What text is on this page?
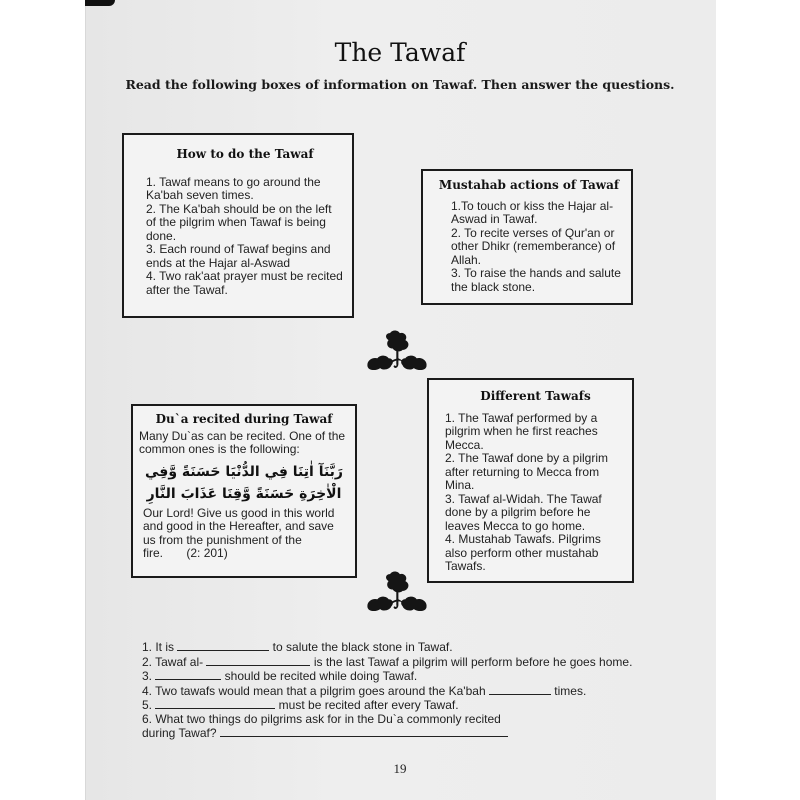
The Tawaf
Read the following boxes of information on Tawaf. Then answer the questions.
How to do the Tawaf

1. Tawaf means to go around the Ka'bah seven times.

2. The Ka'bah should be on the left of the pilgrim when Tawaf is being done.

3. Each round of Tawaf begins and ends at the Hajar al-Aswad

4. Two rak'aat prayer must be recited after the Tawaf.

Mustahab actions of Tawaf

1.To touch or kiss the Hajar al-Aswad in Tawaf.

2. To recite verses of Qur'an or other Dhikr (rememberance) of Allah.

3. To raise the hands and salute the black stone.

Du`a recited during Tawaf

Many Du`as can be recited. One of the common ones is the following:

رَبَّنَآ اٰتِنَا فِي الدُّنْيَا حَسَنَةً وَّفِي
الْاٰخِرَةِ حَسَنَةً وَّقِنَا عَذَابَ النَّارِ

Our Lord! Give us good in this world and good in the Hereafter, and save us from the punishment of the fire. (2: 201)

Different Tawafs

1. The Tawaf performed by a pilgrim when he first reaches Mecca.

2. The Tawaf done by a pilgrim after returning to Mecca from Mina.

3. Tawaf al-Widah. The Tawaf done by a pilgrim before he leaves Mecca to go home.

4. Mustahab Tawafs. Pilgrims also perform other mustahab Tawafs.

1. It is	to salute the black stone in Tawaf.
2. Tawaf al-	is the last Tawaf a pilgrim will perform before he goes home.
3.	should be recited while doing Tawaf.
4. Two tawafs would mean that a pilgrim goes around the Ka'bah	times.
5.	must be recited after every Tawaf.
6. What two things do pilgrims ask for in the Du`a commonly recited
during Tawaf?
19
